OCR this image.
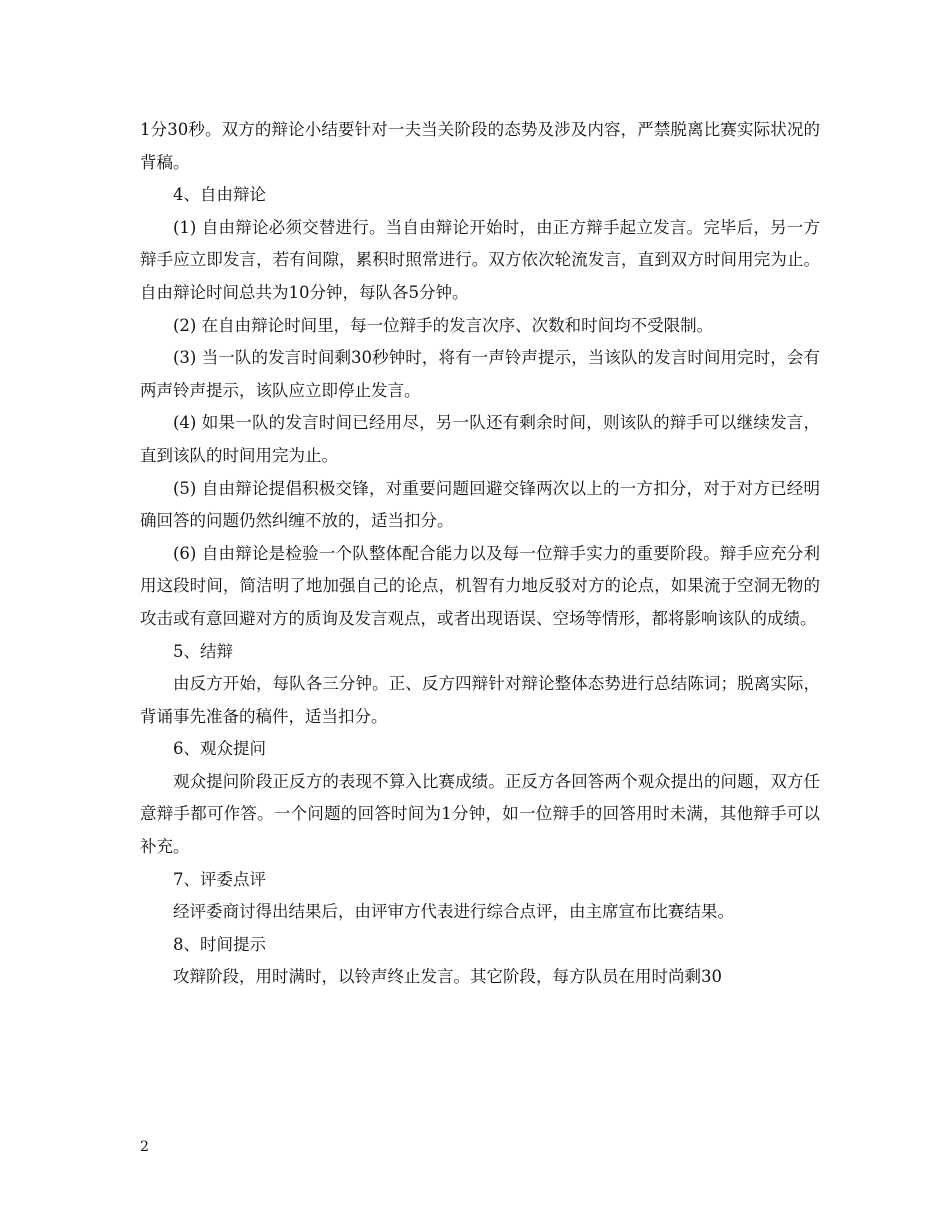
1分30秒。双方的辩论小结要针对一夫当关阶段的态势及涉及内容，严禁脱离比赛实际状况的背稿。

4、自由辩论

(1) 自由辩论必须交替进行。当自由辩论开始时，由正方辩手起立发言。完毕后，另一方辩手应立即发言，若有间隙，累积时照常进行。双方依次轮流发言，直到双方时间用完为止。自由辩论时间总共为10分钟，每队各5分钟。

(2) 在自由辩论时间里，每一位辩手的发言次序、次数和时间均不受限制。

(3) 当一队的发言时间剩30秒钟时，将有一声铃声提示，当该队的发言时间用完时，会有两声铃声提示，该队应立即停止发言。

(4) 如果一队的发言时间已经用尽，另一队还有剩余时间，则该队的辩手可以继续发言，直到该队的时间用完为止。

(5) 自由辩论提倡积极交锋，对重要问题回避交锋两次以上的一方扣分，对于对方已经明确回答的问题仍然纠缠不放的，适当扣分。

(6) 自由辩论是检验一个队整体配合能力以及每一位辩手实力的重要阶段。辩手应充分利用这段时间，简洁明了地加强自己的论点，机智有力地反驳对方的论点，如果流于空洞无物的攻击或有意回避对方的质询及发言观点，或者出现语误、空场等情形，都将影响该队的成绩。

5、结辩

由反方开始，每队各三分钟。正、反方四辩针对辩论整体态势进行总结陈词；脱离实际，背诵事先准备的稿件，适当扣分。

6、观众提问

观众提问阶段正反方的表现不算入比赛成绩。正反方各回答两个观众提出的问题，双方任意辩手都可作答。一个问题的回答时间为1分钟，如一位辩手的回答用时未满，其他辩手可以补充。

7、评委点评

经评委商讨得出结果后，由评审方代表进行综合点评，由主席宣布比赛结果。

8、时间提示

攻辩阶段，用时满时，以铃声终止发言。其它阶段，每方队员在用时尚剩30

2
